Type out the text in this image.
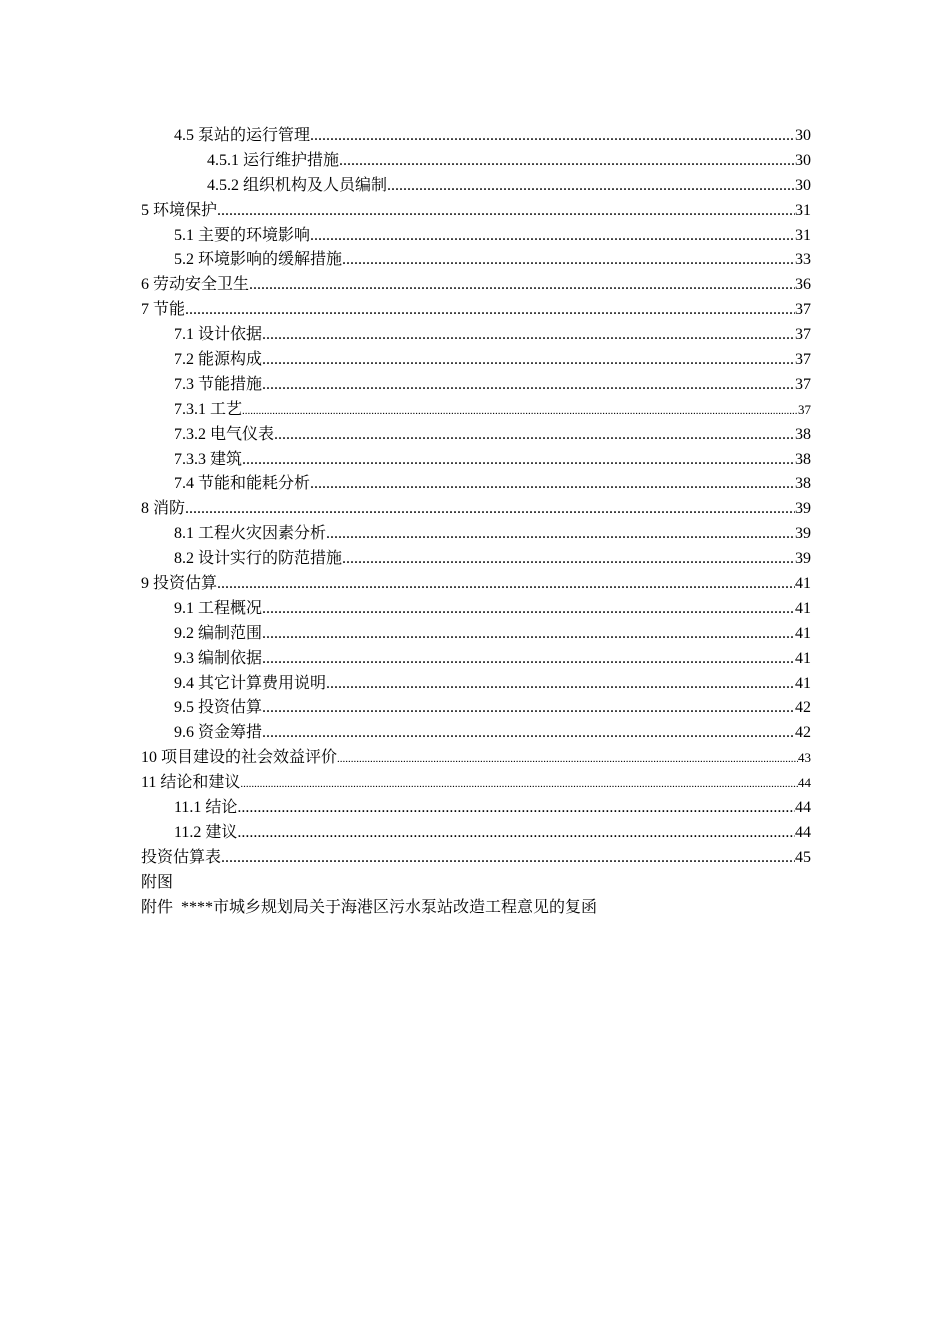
4.5 泵站的运行管理 .....	30
4.5.1 运行维护措施 .....	30
4.5.2 组织机构及人员编制 .....	30
5 环境保护 .....	31
5.1 主要的环境影响 .....	31
5.2 环境影响的缓解措施 .....	33
6 劳动安全卫生 .....	36
7 节能 .....	37
7.1 设计依据 .....	37
7.2 能源构成 .....	37
7.3 节能措施 .....	37
7.3.1 工艺 .....	37
7.3.2 电气仪表 .....	38
7.3.3 建筑 .....	38
7.4 节能和能耗分析 .....	38
8 消防 .....	39
8.1 工程火灾因素分析 .....	39
8.2 设计实行的防范措施 .....	39
9 投资估算 .....	41
9.1 工程概况 .....	41
9.2 编制范围 .....	41
9.3 编制依据 .....	41
9.4 其它计算费用说明 .....	41
9.5 投资估算 .....	42
9.6 资金筹措 .....	42
10 项目建设的社会效益评价 .....	43
11 结论和建议 .....	44
11.1 结论 .....	44
11.2 建议 .....	44
投资估算表 .....	45
附图
附件  ****市城乡规划局关于海港区污水泵站改造工程意见的复函
